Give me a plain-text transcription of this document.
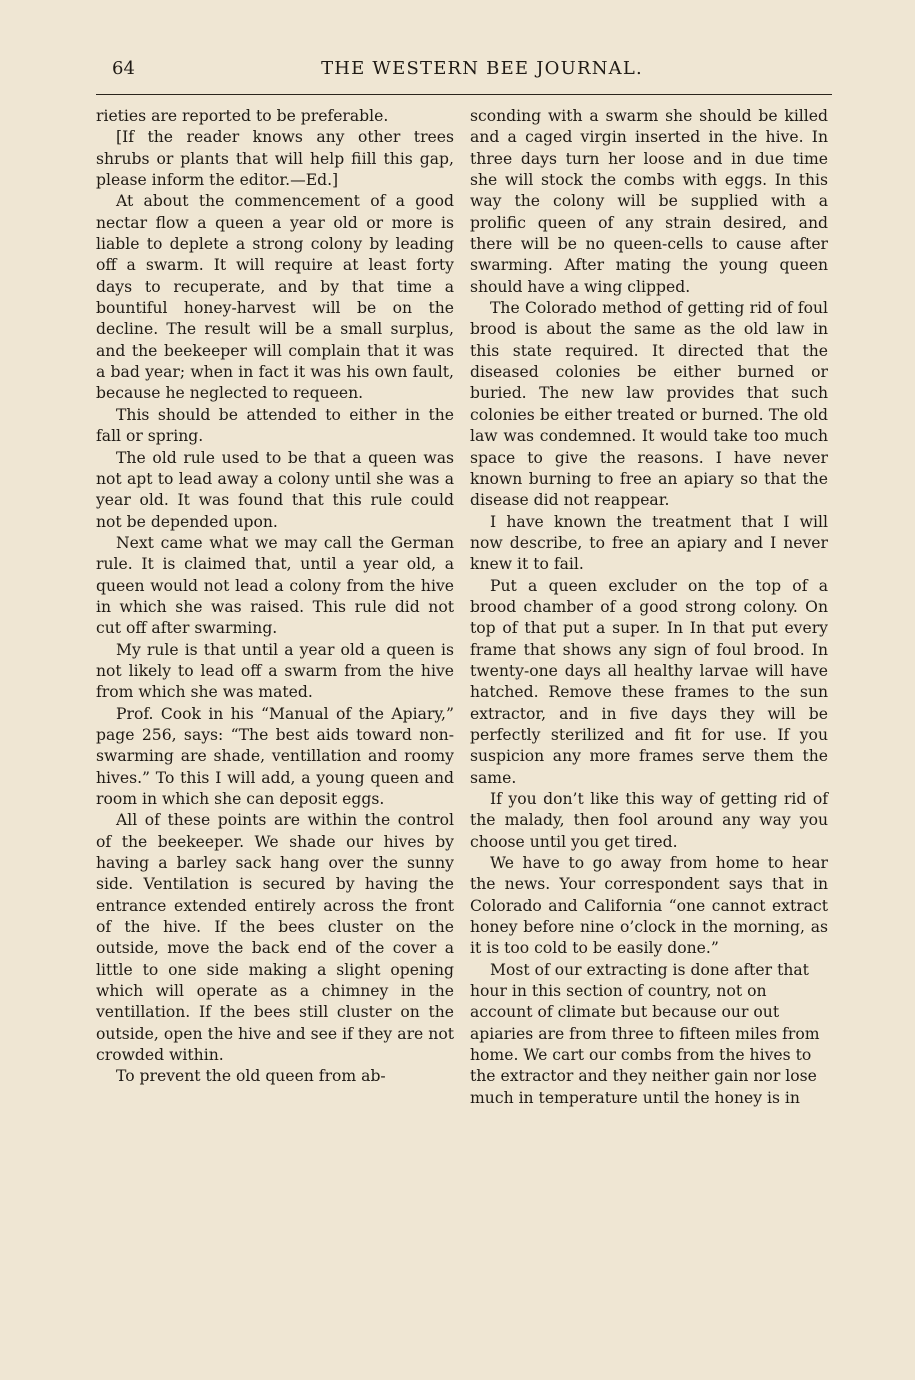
64	THE WESTERN BEE JOURNAL.

rieties are reported to be preferable.

[If the reader knows any other trees shrubs or plants that will help fiill this gap, please inform the editor.—Ed.]

At about the commencement of a good nectar flow a queen a year old or more is liable to deplete a strong colony by leading off a swarm. It will require at least forty days to recuperate, and by that time a bountiful honey-harvest will be on the decline. The result will be a small surplus, and the beekeeper will complain that it was a bad year; when in fact it was his own fault, because he neglected to requeen.

This should be attended to either in the fall or spring.

The old rule used to be that a queen was not apt to lead away a colony until she was a year old. It was found that this rule could not be depended upon.

Next came what we may call the German rule. It is claimed that, until a year old, a queen would not lead a colony from the hive in which she was raised. This rule did not cut off after swarming.

My rule is that until a year old a queen is not likely to lead off a swarm from the hive from which she was mated.

Prof. Cook in his “Manual of the Apiary,” page 256, says: “The best aids toward non-swarming are shade, ventillation and roomy hives.” To this I will add, a young queen and room in which she can deposit eggs.

All of these points are within the control of the beekeeper. We shade our hives by having a barley sack hang over the sunny side. Ventilation is secured by having the entrance extended entirely across the front of the hive. If the bees cluster on the outside, move the back end of the cover a little to one side making a slight opening which will operate as a chimney in the ventillation. If the bees still cluster on the outside, open the hive and see if they are not crowded within.

To prevent the old queen from ab-

sconding with a swarm she should be killed and a caged virgin inserted in the hive. In three days turn her loose and in due time she will stock the combs with eggs. In this way the colony will be supplied with a prolific queen of any strain desired, and there will be no queen-cells to cause after swarming. After mating the young queen should have a wing clipped.

The Colorado method of getting rid of foul brood is about the same as the old law in this state required. It directed that the diseased colonies be either burned or buried. The new law provides that such colonies be either treated or burned. The old law was condemned. It would take too much space to give the reasons. I have never known burning to free an apiary so that the disease did not reappear.

I have known the treatment that I will now describe, to free an apiary and I never knew it to fail.

Put a queen excluder on the top of a brood chamber of a good strong colony. On top of that put a super. In In that put every frame that shows any sign of foul brood. In twenty-one days all healthy larvae will have hatched. Remove these frames to the sun extractor, and in five days they will be perfectly sterilized and fit for use. If you suspicion any more frames serve them the same.

If you don’t like this way of getting rid of the malady, then fool around any way you choose until you get tired.

We have to go away from home to hear the news. Your correspondent says that in Colorado and California “one cannot extract honey before nine o’clock in the morning, as it is too cold to be easily done.”

Most of our extracting is done after that hour in this section of country, not on account of climate but because our out apiaries are from three to fifteen miles from home. We cart our combs from the hives to the extractor and they neither gain nor lose much in temperature until the honey is in
